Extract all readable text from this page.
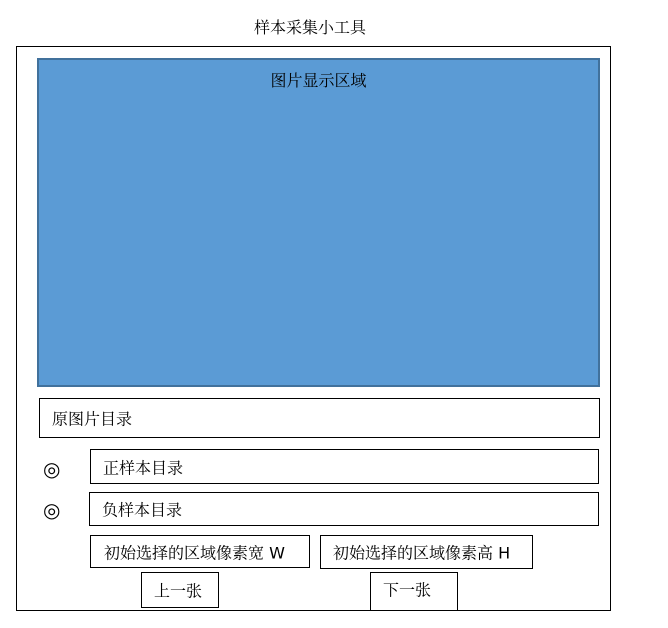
样本采集小工具
图片显示区域
原图片目录
◎	正样本目录
◎	负样本目录
初始选择的区域像素宽 W	初始选择的区域像素高 H
上一张	下一张
